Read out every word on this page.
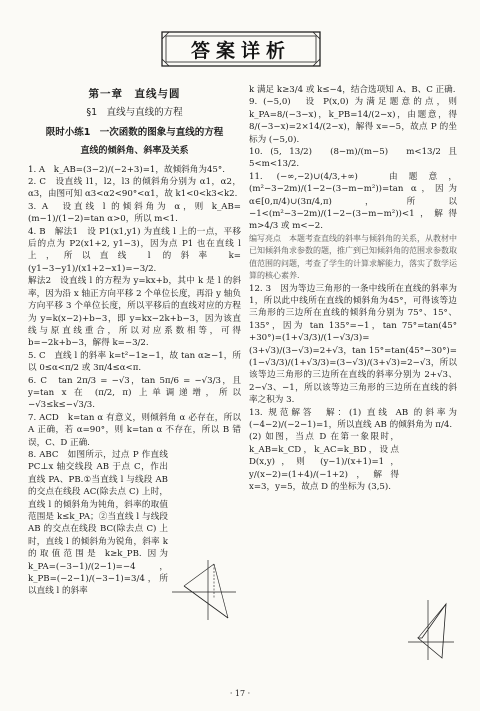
答案详析
第一章　直线与圆
§1　直线与直线的方程
限时小练1　一次函数的图象与直线的方程
直线的倾斜角、斜率及关系

1. A　k_AB=(3−2)/(−2+3)=1，故倾斜角为45°.

2. C　设直线 l1，l2，l3 的倾斜角分别为 α1，α2，α3，由图可知 α3<α2<90°<α1，故 k1<0<k3<k2.

3. A　设直线 l 的倾斜角为 α，则 k_AB=(m−1)/(1−2)=tan α>0，所以 m<1.

4. B　解法1　设 P1(x1,y1) 为直线 l 上的一点，平移后的点为 P2(x1+2, y1−3)，因为点 P1 也在直线 l 上，所以直线 l 的斜率 k=(y1−3−y1)/(x1+2−x1)=−3/2.

解法2　设直线 l 的方程为 y=kx+b，其中 k 是 l 的斜率，因为沿 x 轴正方向平移 2 个单位长度，再沿 y 轴负方向平移 3 个单位长度，所以平移后的直线对应的方程为 y=k(x−2)+b−3，即 y=kx−2k+b−3，因为该直线与原直线重合，所以对应系数相等，可得 b=−2k+b−3，解得 k=−3/2.

5. C　直线 l 的斜率 k=t²−1≥−1，故 tan α≥−1，所以 0≤α<π/2 或 3π/4≤α<π.

6. C　tan 2π/3 = −√3，tan 5π/6 = −√3/3，且 y=tan x 在 (π/2, π) 上单调递增，所以 −√3≤k≤−√3/3.

7. ACD　k=tan α 有意义，则倾斜角 α 必存在，所以 A 正确，若 α=90°，则 k=tan α 不存在，所以 B 错误，C、D 正确.

8. ABC　如图所示，过点 P 作直线 PC⊥x 轴交线段 AB 于点 C，作出直线 PA、PB.①当直线 l 与线段 AB 的交点在线段 AC(除去点 C) 上时，直线 l 的倾斜角为钝角，斜率的取值范围是 k≤k_PA；②当直线 l 与线段 AB 的交点在线段 BC(除去点 C) 上时，直线 l 的倾斜角为锐角，斜率 k 的取值范围是 k≥k_PB. 因为 k_PA=(−3−1)/(2−1)=−4，k_PB=(−2−1)/(−3−1)=3/4，所以直线 l 的斜率

k 满足 k≥3/4 或 k≤−4，结合选项知 A、B、C 正确.

9. (−5,0)　设 P(x,0) 为满足题意的点，则 k_PA=8/(−3−x)，k_PB=14/(2−x)，由题意，得 8/(−3−x)=2×14/(2−x)，解得 x=−5，故点 P 的坐标为 (−5,0).

10. (5, 13/2)　(8−m)/(m−5)　m<13/2 且 5<m<13/2.

11. (−∞,−2)∪(4/3,+∞)　由题意，(m²−3−2m)/(1−2−(3−m−m²))=tan α，因为 α∈[0,π/4)∪(3π/4,π)，所以 −1<(m²−3−2m)/(1−2−(3−m−m²))<1，解得 m>4/3 或 m<−2.

编写亮点　本题考查直线的斜率与倾斜角的关系，从教材中已知倾斜角求参数的题，推广到已知倾斜角的范围求参数取值范围的问题，考查了学生的计算求解能力，落实了数学运算的核心素养.

12. 3　因为等边三角形的一条中线所在直线的斜率为1，所以此中线所在直线的倾斜角为45°，可得该等边三角形的三边所在直线的倾斜角分别为 75°、15°、135°，因为 tan 135°=−1，tan 75°=tan(45°+30°)=(1+√3/3)/(1−√3/3)=(3+√3)/(3−√3)=2+√3，tan 15°=tan(45°−30°)=(1−√3/3)/(1+√3/3)=(3−√3)/(3+√3)=2−√3，所以该等边三角形的三边所在直线的斜率分别为 2+√3、2−√3、−1，所以该等边三角形的三边所在直线的斜率之积为 3.

13. 规范解答　解：(1) 直线 AB 的斜率为 (−4−2)/(−2−1)=1，所以直线 AB 的倾斜角为 π/4.

(2) 如图，当点 D 在第一象限时，k_AB=k_CD，k_AC=k_BD，设点 D(x,y)，则 (y−1)/(x+1)=1，y/(x−2)=(1+4)/(−1+2)，解得 x=3，y=5，故点 D 的坐标为 (3,5).

· 17 ·
